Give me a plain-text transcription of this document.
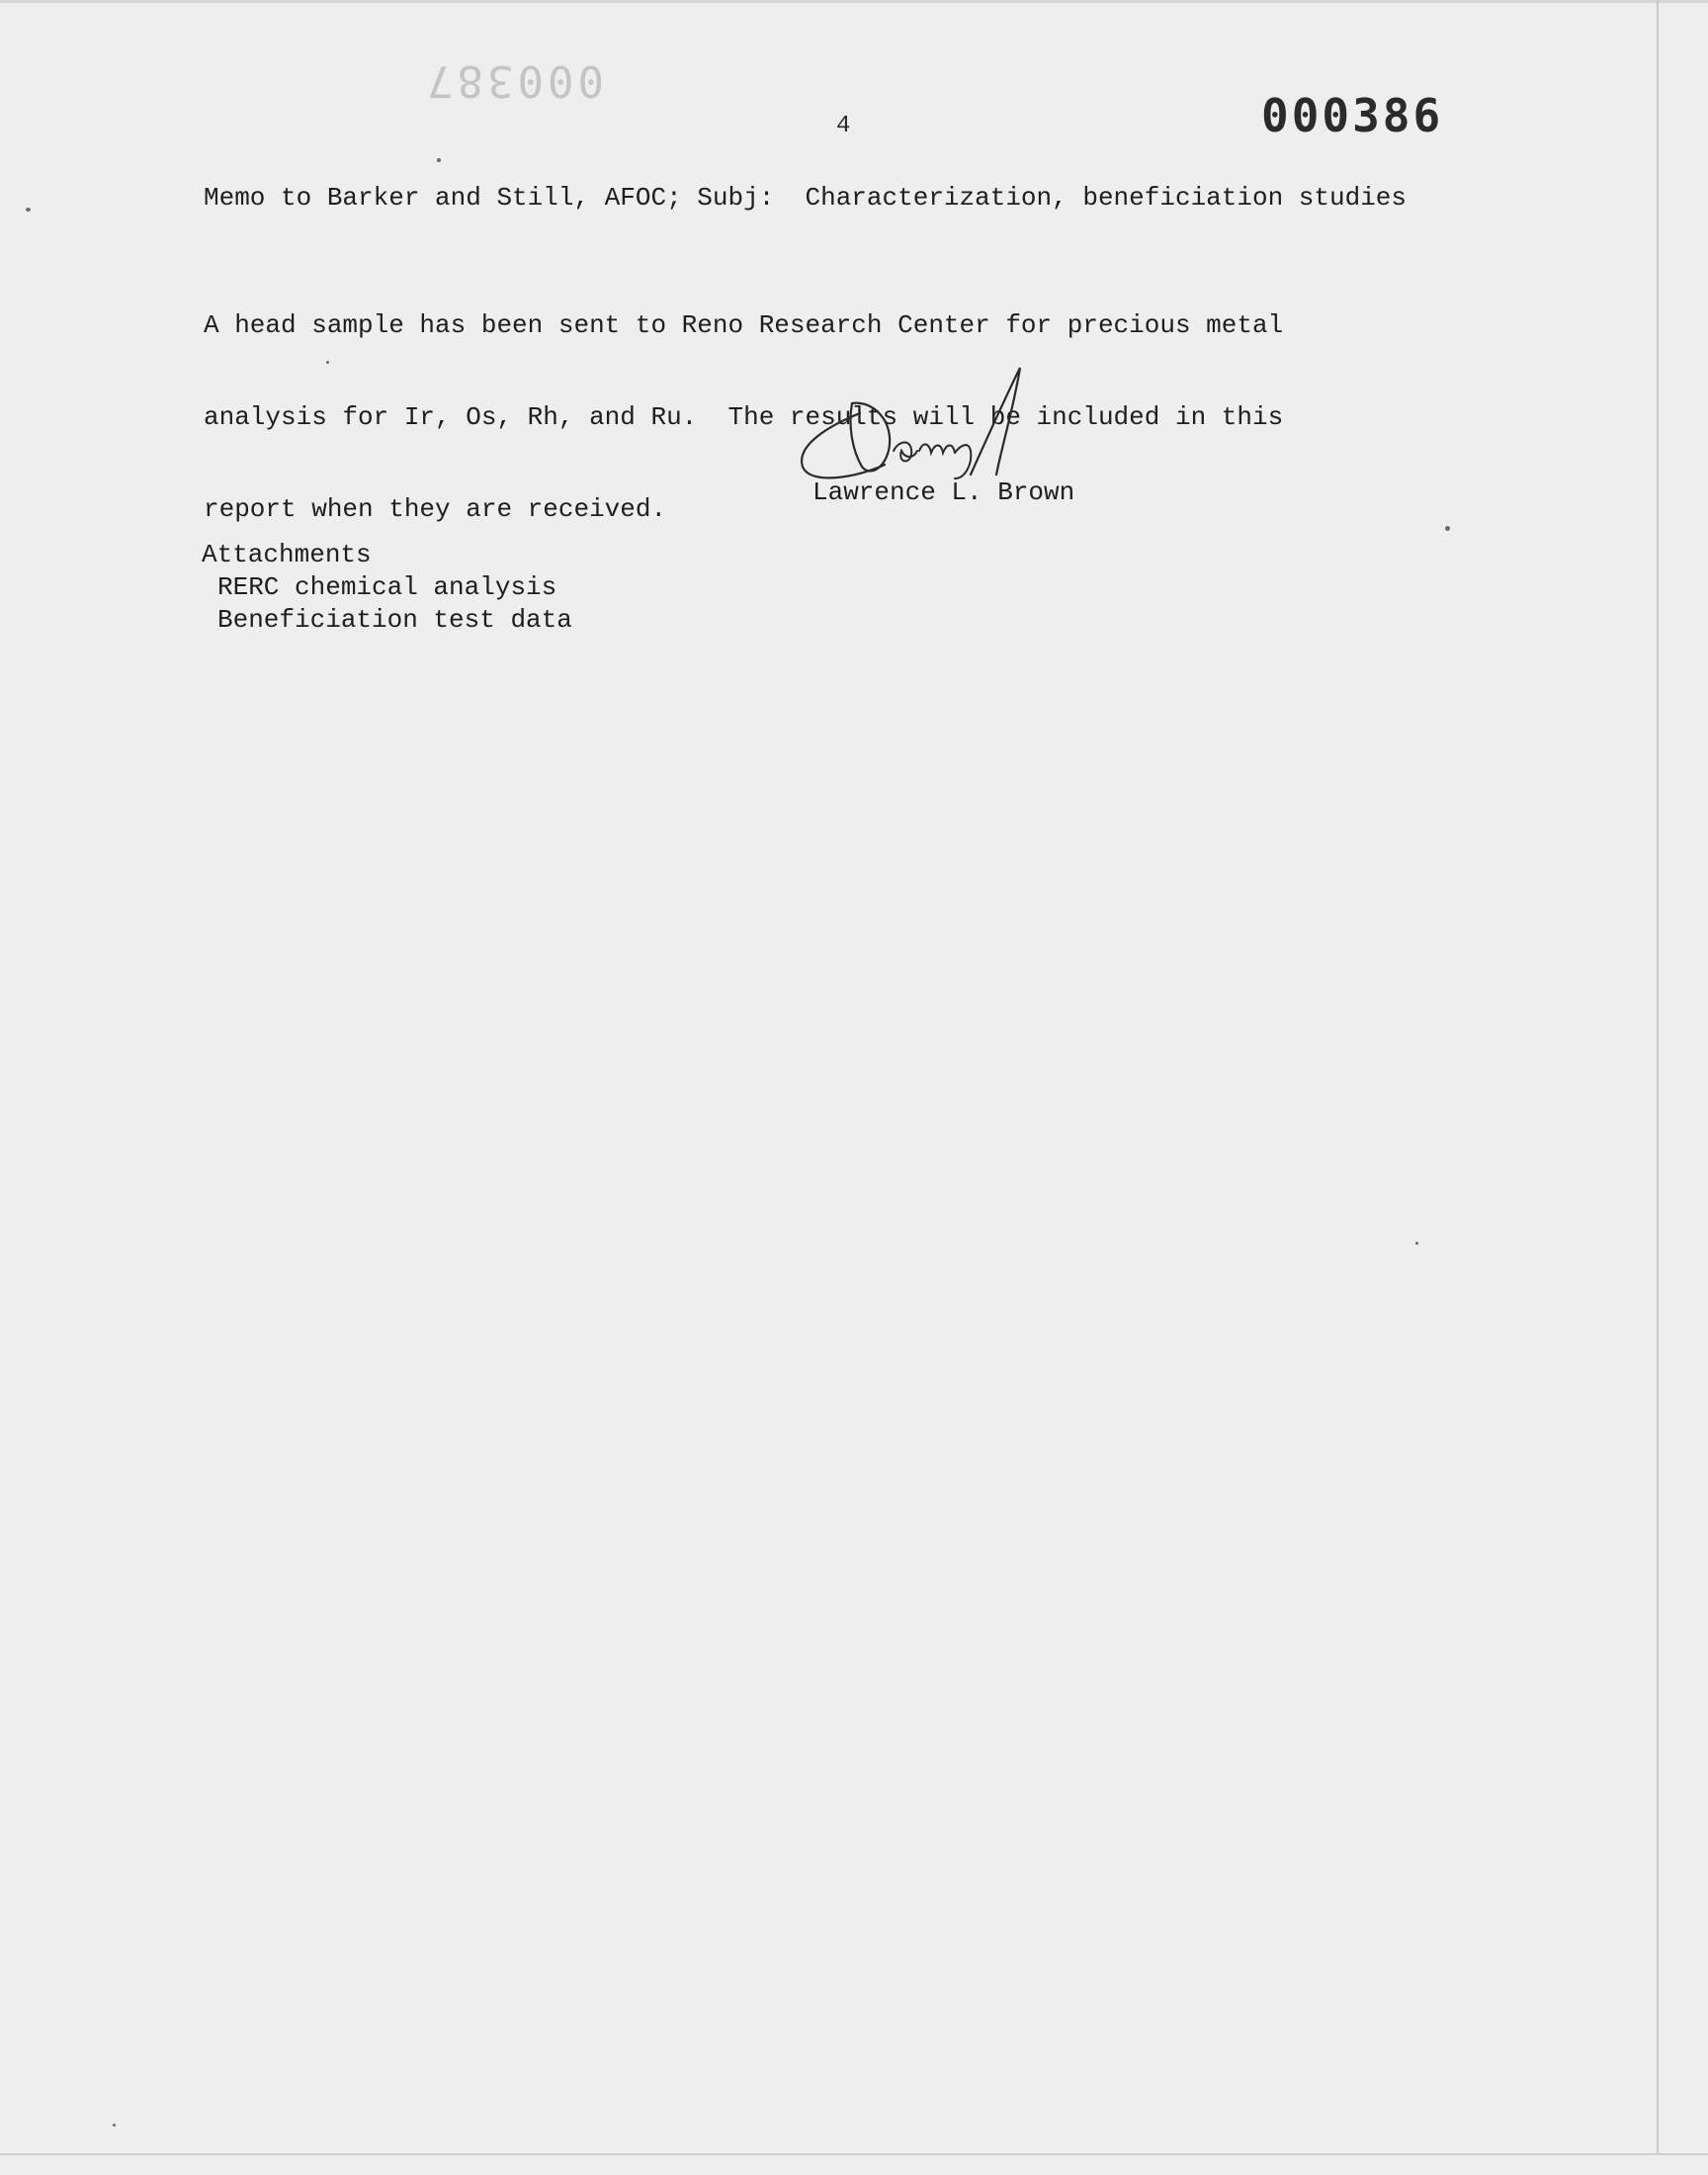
000387
4	000386
Memo to Barker and Still, AFOC; Subj:  Characterization, beneficiation studies

A head sample has been sent to Reno Research Center for precious metal

analysis for Ir, Os, Rh, and Ru.  The results will be included in this

report when they are received.

Lawrence L. Brown
Attachments
RERC chemical analysis
Beneficiation test data
